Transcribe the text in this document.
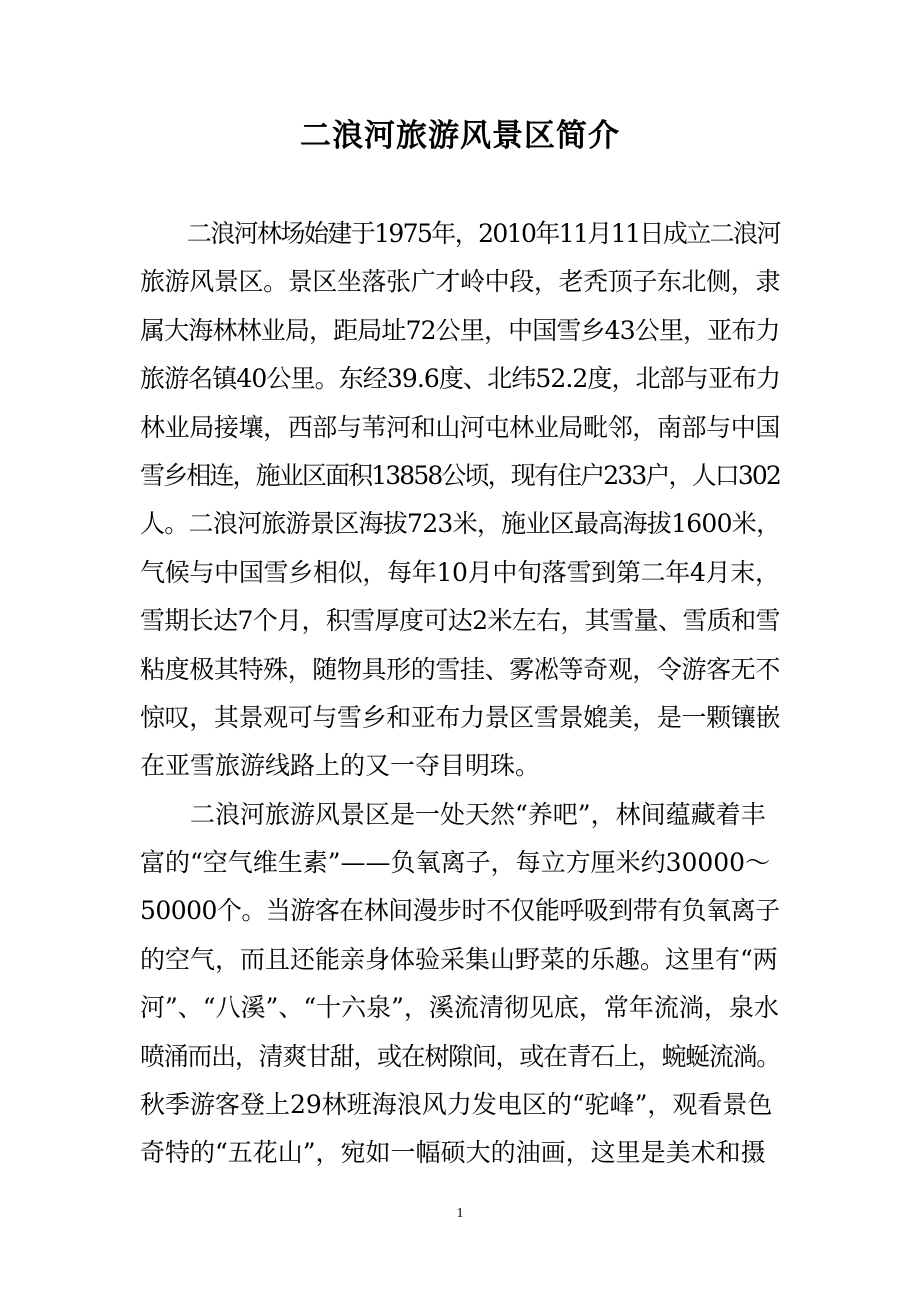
二浪河旅游风景区简介
　　二浪河林场始建于1975年，2010年11月11日成立二浪河
旅游风景区。景区坐落张广才岭中段，老秃顶子东北侧，隶
属大海林林业局，距局址72公里，中国雪乡43公里，亚布力
旅游名镇40公里。东经39.6度、北纬52.2度，北部与亚布力
林业局接壤，西部与苇河和山河屯林业局毗邻，南部与中国
雪乡相连，施业区面积13858公顷，现有住户233户，人口302
人。二浪河旅游景区海拔723米，施业区最高海拔1600米，
气候与中国雪乡相似，每年10月中旬落雪到第二年4月末，
雪期长达7个月，积雪厚度可达2米左右，其雪量、雪质和雪
粘度极其特殊，随物具形的雪挂、雾凇等奇观，令游客无不
惊叹，其景观可与雪乡和亚布力景区雪景媲美，是一颗镶嵌
在亚雪旅游线路上的又一夺目明珠。
　　二浪河旅游风景区是一处天然“养吧”，林间蕴藏着丰
富的“空气维生素”——负氧离子，每立方厘米约30000～
50000个。当游客在林间漫步时不仅能呼吸到带有负氧离子
的空气，而且还能亲身体验采集山野菜的乐趣。这里有“两
河”、“八溪”、“十六泉”，溪流清彻见底，常年流淌，泉水
喷涌而出，清爽甘甜，或在树隙间，或在青石上，蜿蜒流淌。
秋季游客登上29林班海浪风力发电区的“驼峰”，观看景色
奇特的“五花山”，宛如一幅硕大的油画，这里是美术和摄
1
